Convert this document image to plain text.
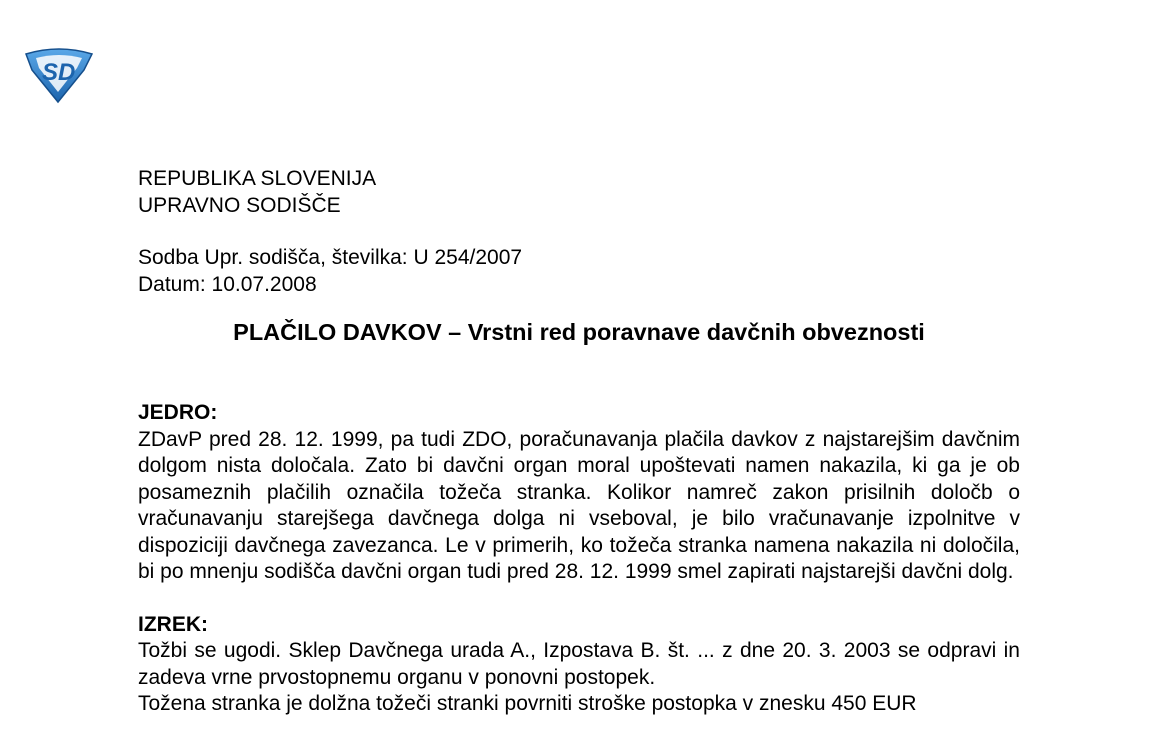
S D
REPUBLIKA SLOVENIJA
UPRAVNO SODIŠČE
Sodba Upr. sodišča, številka: U 254/2007
Datum: 10.07.2008
PLAČILO DAVKOV – Vrstni red poravnave davčnih obveznosti
JEDRO:

ZDavP pred 28. 12. 1999, pa tudi ZDO, poračunavanja plačila davkov z najstarejšim davčnim dolgom nista določala. Zato bi davčni organ moral upoštevati namen nakazila, ki ga je ob posameznih plačilih označila tožeča stranka. Kolikor namreč zakon prisilnih določb o vračunavanju starejšega davčnega dolga ni vseboval, je bilo vračunavanje izpolnitve v dispoziciji davčnega zavezanca. Le v primerih, ko tožeča stranka namena nakazila ni določila, bi po mnenju sodišča davčni organ tudi pred 28. 12. 1999 smel zapirati najstarejši davčni dolg.

IZREK:

Tožbi se ugodi. Sklep Davčnega urada A., Izpostava B. št. ... z dne 20. 3. 2003 se odpravi in zadeva vrne prvostopnemu organu v ponovni postopek.

Tožena stranka je dolžna tožeči stranki povrniti stroške postopka v znesku 450 EUR
